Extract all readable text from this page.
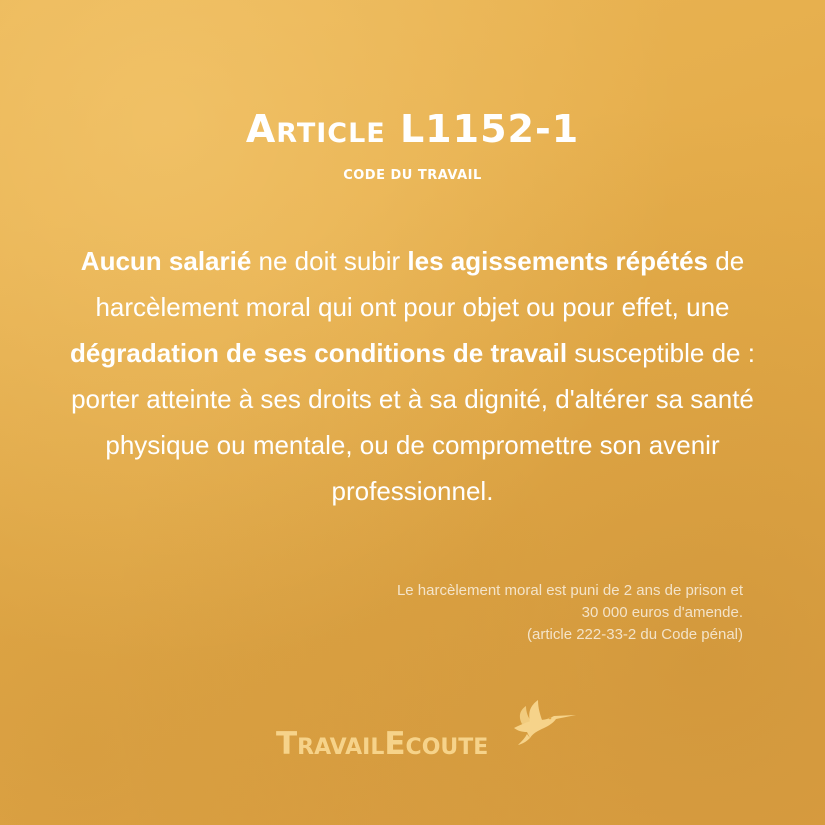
Article L1152-1
CODE DU TRAVAIL
Aucun salarié ne doit subir les agissements répétés de harcèlement moral qui ont pour objet ou pour effet, une dégradation de ses conditions de travail susceptible de : porter atteinte à ses droits et à sa dignité, d'altérer sa santé physique ou mentale, ou de compromettre son avenir professionnel.
Le harcèlement moral est puni de 2 ans de prison et
30 000 euros d'amende.
(article 222-33-2 du Code pénal)
TravailEcoute
